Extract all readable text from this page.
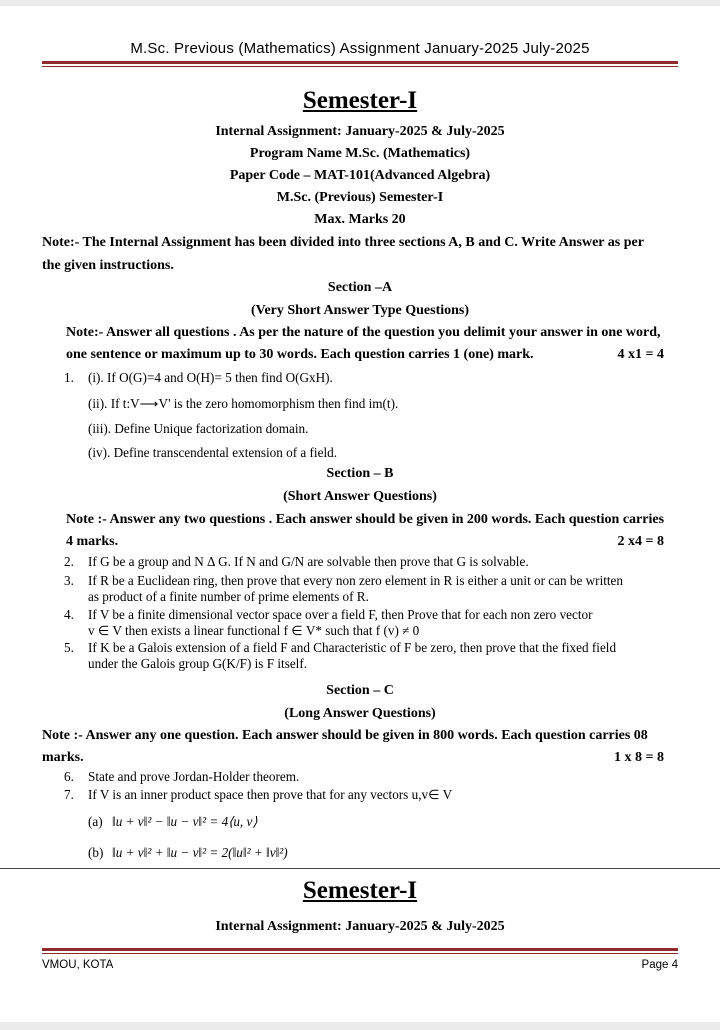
M.Sc. Previous (Mathematics) Assignment January-2025 July-2025
Semester-I
Internal Assignment: January-2025 & July-2025
Program Name M.Sc. (Mathematics)
Paper Code – MAT-101(Advanced Algebra)
M.Sc. (Previous) Semester-I
Max. Marks 20
Note:- The Internal Assignment has been divided into three sections A, B and C. Write Answer as per
the given instructions.
Section –A
(Very Short Answer Type Questions)
Note:- Answer all questions . As per the nature of the question you delimit your answer in one word,
one sentence or maximum up to 30 words. Each question carries 1 (one) mark.	4 x1 = 4
1. (i). If O(G)=4 and O(H)= 5 then find O(GxH).
(ii). If t:V⟶V' is the zero homomorphism then find im(t).
(iii). Define Unique factorization domain.
(iv). Define transcendental extension of a field.
Section – B
(Short Answer Questions)
Note :- Answer any two questions . Each answer should be given in 200 words. Each question carries
4 marks.	2 x4 = 8
2. If G be a group and N Δ G. If N and G/N are solvable then prove that G is solvable.
3. If R be a Euclidean ring, then prove that every non zero element in R is either a unit or can be written
as product of a finite number of prime elements of R.
4. If V be a finite dimensional vector space over a field F, then Prove that for each non zero vector
v ∈ V then exists a linear functional f ∈ V* such that f (v) ≠ 0
5. If K be a Galois extension of a field F and Characteristic of F be zero, then prove that the fixed field
under the Galois group G(K/F) is F itself.
Section – C
(Long Answer Questions)
Note :- Answer any one question. Each answer should be given in 800 words. Each question carries 08
marks.	1 x 8 = 8
6. State and prove Jordan-Holder theorem.
7. If V is an inner product space then prove that for any vectors u,v∈ V
(a) ‖u + v‖² − ‖u − v‖² = 4⟨u, v⟩
(b) ‖u + v‖² + ‖u − v‖² = 2(‖u‖² + ‖v‖²)
Semester-I
Internal Assignment: January-2025 & July-2025
VMOU, KOTA	Page 4
